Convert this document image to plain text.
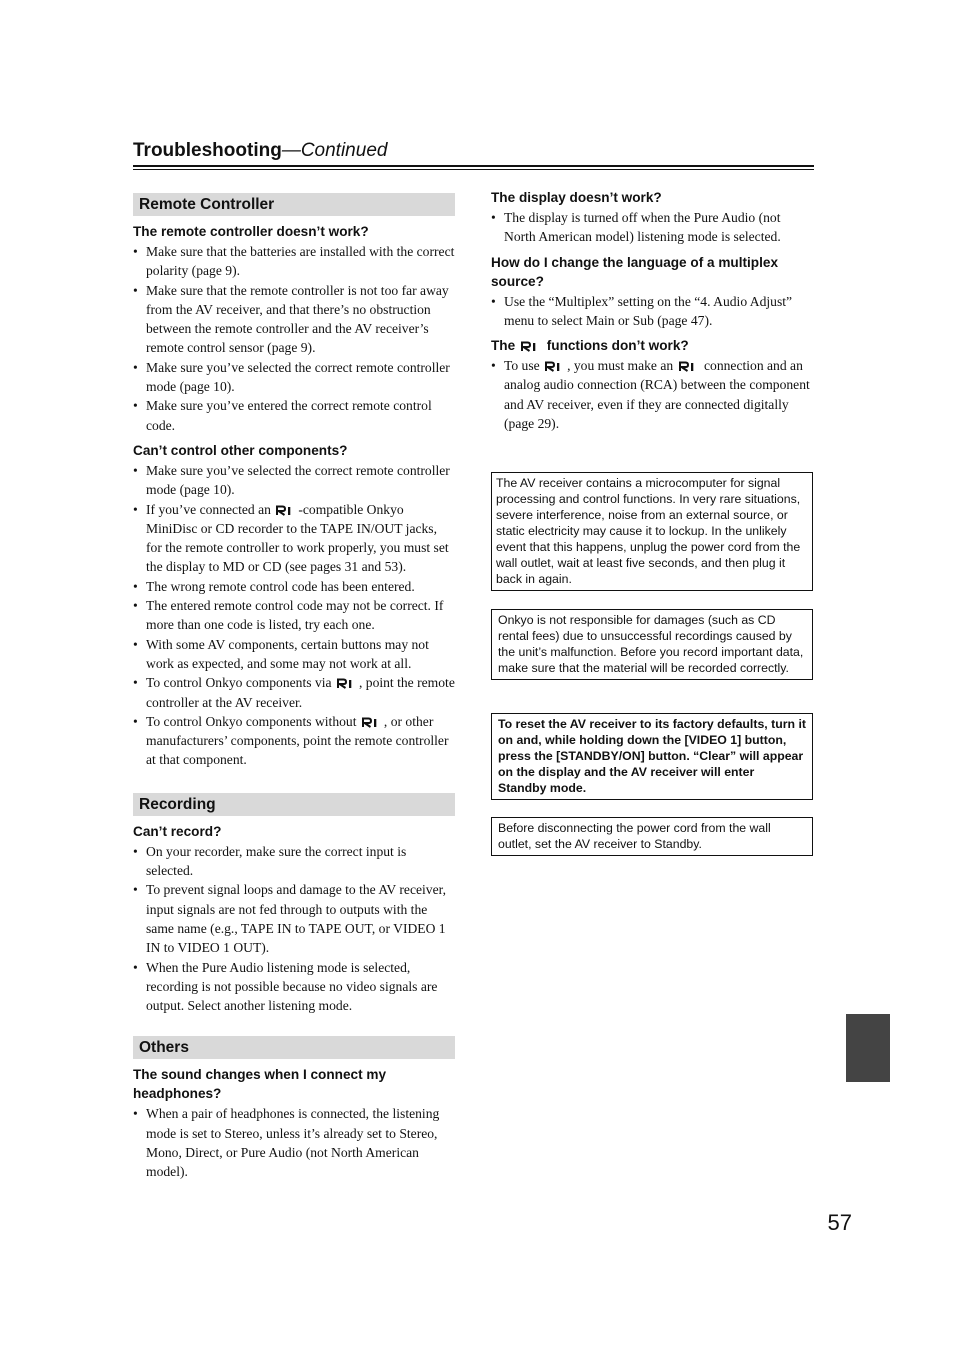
Troubleshooting—Continued
Remote Controller
The remote controller doesn’t work?
• Make sure that the batteries are installed with the correct polarity (page 9).
• Make sure that the remote controller is not too far away from the AV receiver, and that there’s no obstruction between the remote controller and the AV receiver’s remote control sensor (page 9).
• Make sure you’ve selected the correct remote controller mode (page 10).
• Make sure you’ve entered the correct remote control code.
Can’t control other components?
• Make sure you’ve selected the correct remote controller mode (page 10).
• If you’ve connected an -compatible Onkyo MiniDisc or CD recorder to the TAPE IN/OUT jacks, for the remote controller to work properly, you must set the display to MD or CD (see pages 31 and 53).
• The wrong remote control code has been entered.
• The entered remote control code may not be correct. If more than one code is listed, try each one.
• With some AV components, certain buttons may not work as expected, and some may not work at all.
• To control Onkyo components via , point the remote controller at the AV receiver.
• To control Onkyo components without , or other manufacturers’ components, point the remote controller at that component.
Recording
Can’t record?
• On your recorder, make sure the correct input is selected.
• To prevent signal loops and damage to the AV receiver, input signals are not fed through to outputs with the same name (e.g., TAPE IN to TAPE OUT, or VIDEO 1 IN to VIDEO 1 OUT).
• When the Pure Audio listening mode is selected, recording is not possible because no video signals are output. Select another listening mode.
Others
The sound changes when I connect my headphones?
• When a pair of headphones is connected, the listening mode is set to Stereo, unless it’s already set to Stereo, Mono, Direct, or Pure Audio (not North American model).
The display doesn’t work?
• The display is turned off when the Pure Audio (not North American model) listening mode is selected.
How do I change the language of a multiplex source?
• Use the “Multiplex” setting on the “4. Audio Adjust” menu to select Main or Sub (page 47).
The functions don’t work?
• To use , you must make an connection and an analog audio connection (RCA) between the component and AV receiver, even if they are connected digitally (page 29).
The AV receiver contains a microcomputer for signal processing and control functions. In very rare situations, severe interference, noise from an external source, or static electricity may cause it to lockup. In the unlikely event that this happens, unplug the power cord from the wall outlet, wait at least five seconds, and then plug it back in again.
Onkyo is not responsible for damages (such as CD rental fees) due to unsuccessful recordings caused by the unit’s malfunction. Before you record important data, make sure that the material will be recorded correctly.
To reset the AV receiver to its factory defaults, turn it on and, while holding down the [VIDEO 1] button, press the [STANDBY/ON] button. “Clear” will appear on the display and the AV receiver will enter Standby mode.
Before disconnecting the power cord from the wall outlet, set the AV receiver to Standby.
57
